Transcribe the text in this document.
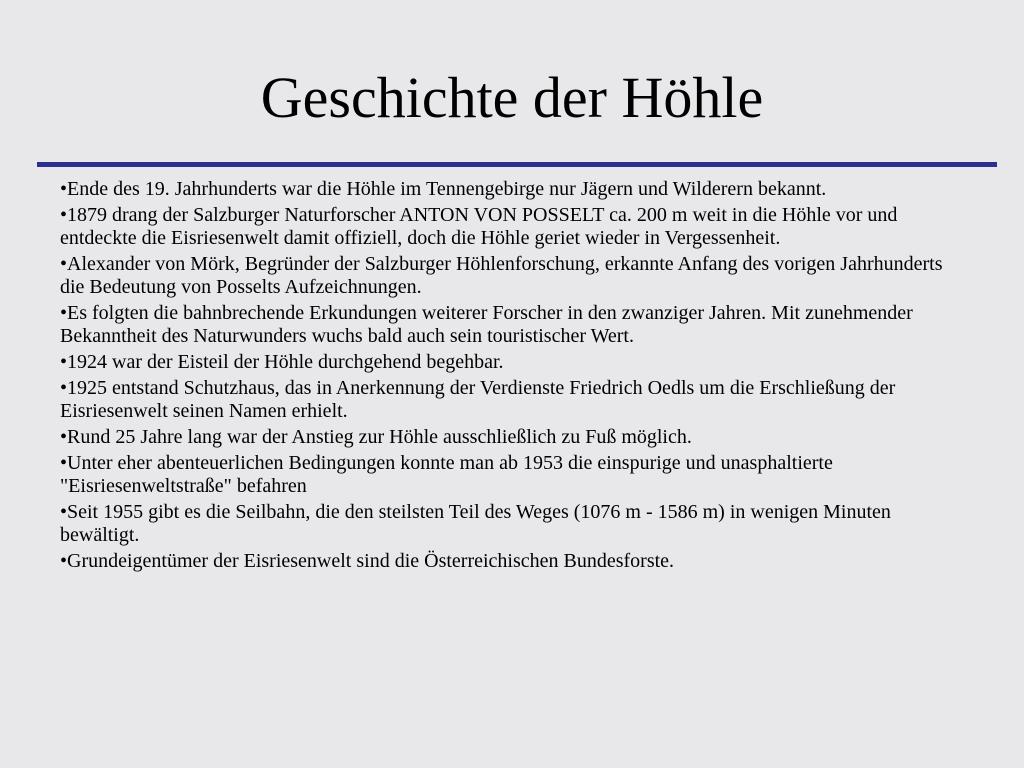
Geschichte der Höhle
•Ende des 19. Jahrhunderts war die Höhle im Tennengebirge nur Jägern und Wilderern bekannt.
•1879 drang der Salzburger Naturforscher ANTON VON POSSELT ca. 200 m weit in die Höhle vor und entdeckte die Eisriesenwelt damit offiziell, doch die Höhle geriet wieder in Vergessenheit.
•Alexander von Mörk, Begründer der Salzburger Höhlenforschung, erkannte Anfang des vorigen Jahrhunderts die Bedeutung von Posselts Aufzeichnungen.
•Es folgten die bahnbrechende Erkundungen weiterer Forscher in den zwanziger Jahren. Mit zunehmender Bekanntheit des Naturwunders wuchs bald auch sein touristischer Wert.
•1924 war der Eisteil der Höhle durchgehend begehbar.
•1925 entstand Schutzhaus, das in Anerkennung der Verdienste Friedrich Oedls um die Erschließung der Eisriesenwelt seinen Namen erhielt.
•Rund 25 Jahre lang war der Anstieg zur Höhle ausschließlich zu Fuß möglich.
•Unter eher abenteuerlichen Bedingungen konnte man ab 1953 die einspurige und unasphaltierte "Eisriesenweltstraße" befahren
•Seit 1955 gibt es die Seilbahn, die den steilsten Teil des Weges (1076 m - 1586 m) in wenigen Minuten bewältigt.
•Grundeigentümer der Eisriesenwelt sind die Österreichischen Bundesforste.
